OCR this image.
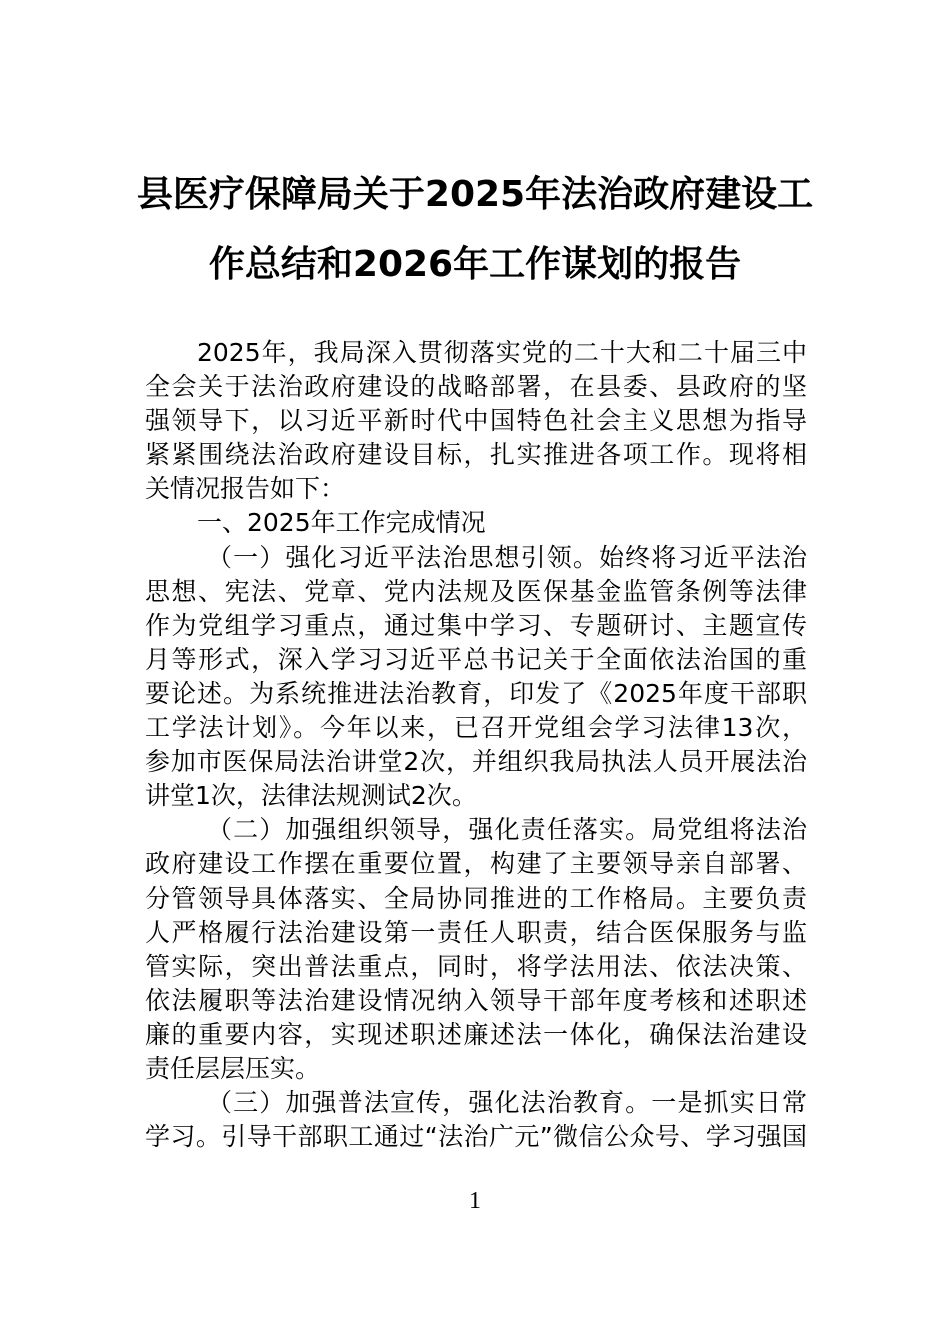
县医疗保障局关于2025年法治政府建设工
作总结和2026年工作谋划的报告

2025年，我局深入贯彻落实党的二十大和二十届三中
全会关于法治政府建设的战略部署，在县委、县政府的坚
强领导下，以习近平新时代中国特色社会主义思想为指导
紧紧围绕法治政府建设目标，扎实推进各项工作。现将相
关情况报告如下：

一、2025年工作完成情况

（一）强化习近平法治思想引领。始终将习近平法治
思想、宪法、党章、党内法规及医保基金监管条例等法律
作为党组学习重点，通过集中学习、专题研讨、主题宣传
月等形式，深入学习习近平总书记关于全面依法治国的重
要论述。为系统推进法治教育，印发了《2025年度干部职
工学法计划》。今年以来，已召开党组会学习法律13次，
参加市医保局法治讲堂2次，并组织我局执法人员开展法治
讲堂1次，法律法规测试2次。

（二）加强组织领导，强化责任落实。局党组将法治
政府建设工作摆在重要位置，构建了主要领导亲自部署、
分管领导具体落实、全局协同推进的工作格局。主要负责
人严格履行法治建设第一责任人职责，结合医保服务与监
管实际，突出普法重点，同时，将学法用法、依法决策、
依法履职等法治建设情况纳入领导干部年度考核和述职述
廉的重要内容，实现述职述廉述法一体化，确保法治建设
责任层层压实。

（三）加强普法宣传，强化法治教育。一是抓实日常
学习。引导干部职工通过“法治广元”微信公众号、学习强国

1
